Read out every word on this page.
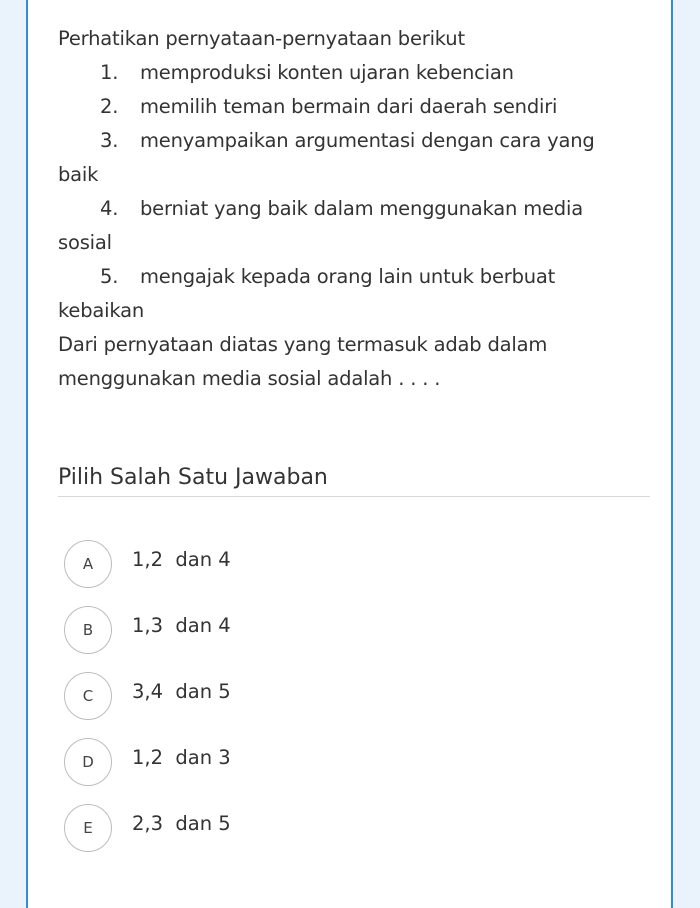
Perhatikan pernyataan-pernyataan berikut
1. memproduksi konten ujaran kebencian
2. memilih teman bermain dari daerah sendiri
3. menyampaikan argumentasi dengan cara yang
baik
4. berniat yang baik dalam menggunakan media
sosial
5. mengajak kepada orang lain untuk berbuat
kebaikan
Dari pernyataan diatas yang termasuk adab dalam
menggunakan media sosial adalah . . . .
Pilih Salah Satu Jawaban
A	1,2  dan 4
B	1,3  dan 4
C	3,4  dan 5
D	1,2  dan 3
E	2,3  dan 5
